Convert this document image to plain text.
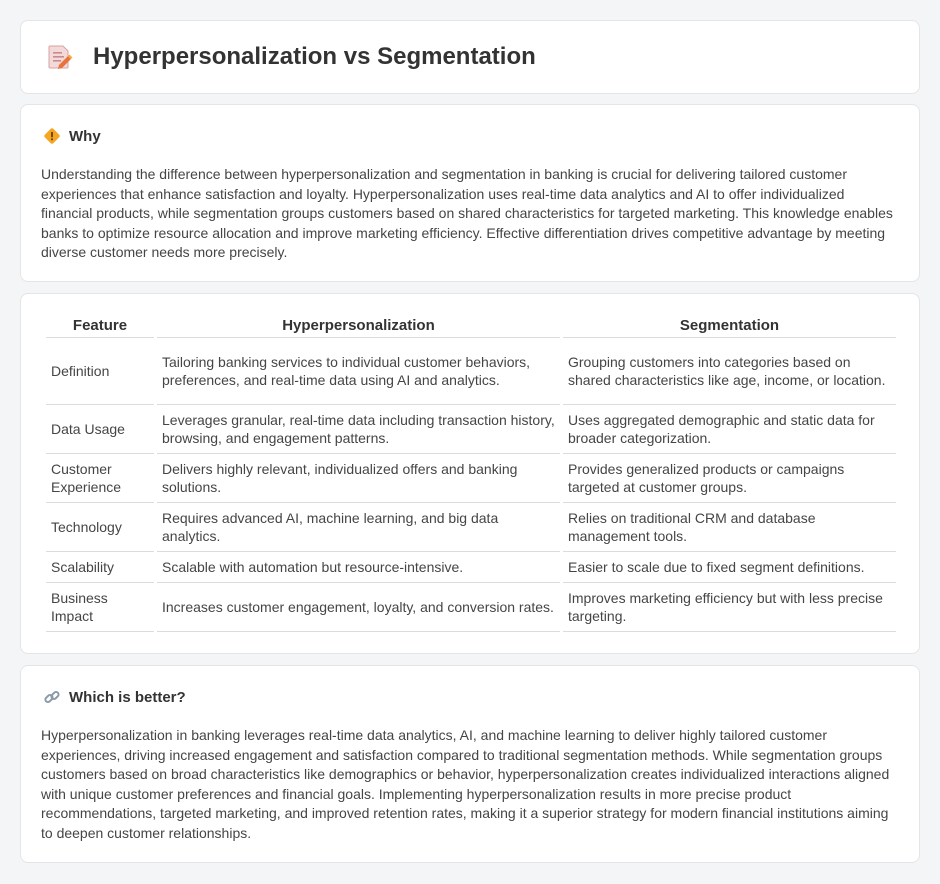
Hyperpersonalization vs Segmentation
Why

Understanding the difference between hyperpersonalization and segmentation in banking is crucial for delivering tailored customer experiences that enhance satisfaction and loyalty. Hyperpersonalization uses real-time data analytics and AI to offer individualized financial products, while segmentation groups customers based on shared characteristics for targeted marketing. This knowledge enables banks to optimize resource allocation and improve marketing efficiency. Effective differentiation drives competitive advantage by meeting diverse customer needs more precisely.

Feature	Hyperpersonalization	Segmentation
Definition	Tailoring banking services to individual customer behaviors, preferences, and real-time data using AI and analytics.	Grouping customers into categories based on shared characteristics like age, income, or location.
Data Usage	Leverages granular, real-time data including transaction history, browsing, and engagement patterns.	Uses aggregated demographic and static data for broader categorization.
Customer Experience	Delivers highly relevant, individualized offers and banking solutions.	Provides generalized products or campaigns targeted at customer groups.
Technology	Requires advanced AI, machine learning, and big data analytics.	Relies on traditional CRM and database management tools.
Scalability	Scalable with automation but resource-intensive.	Easier to scale due to fixed segment definitions.
Business Impact	Increases customer engagement, loyalty, and conversion rates.	Improves marketing efficiency but with less precise targeting.
Which is better?

Hyperpersonalization in banking leverages real-time data analytics, AI, and machine learning to deliver highly tailored customer experiences, driving increased engagement and satisfaction compared to traditional segmentation methods. While segmentation groups customers based on broad characteristics like demographics or behavior, hyperpersonalization creates individualized interactions aligned with unique customer preferences and financial goals. Implementing hyperpersonalization results in more precise product recommendations, targeted marketing, and improved retention rates, making it a superior strategy for modern financial institutions aiming to deepen customer relationships.
